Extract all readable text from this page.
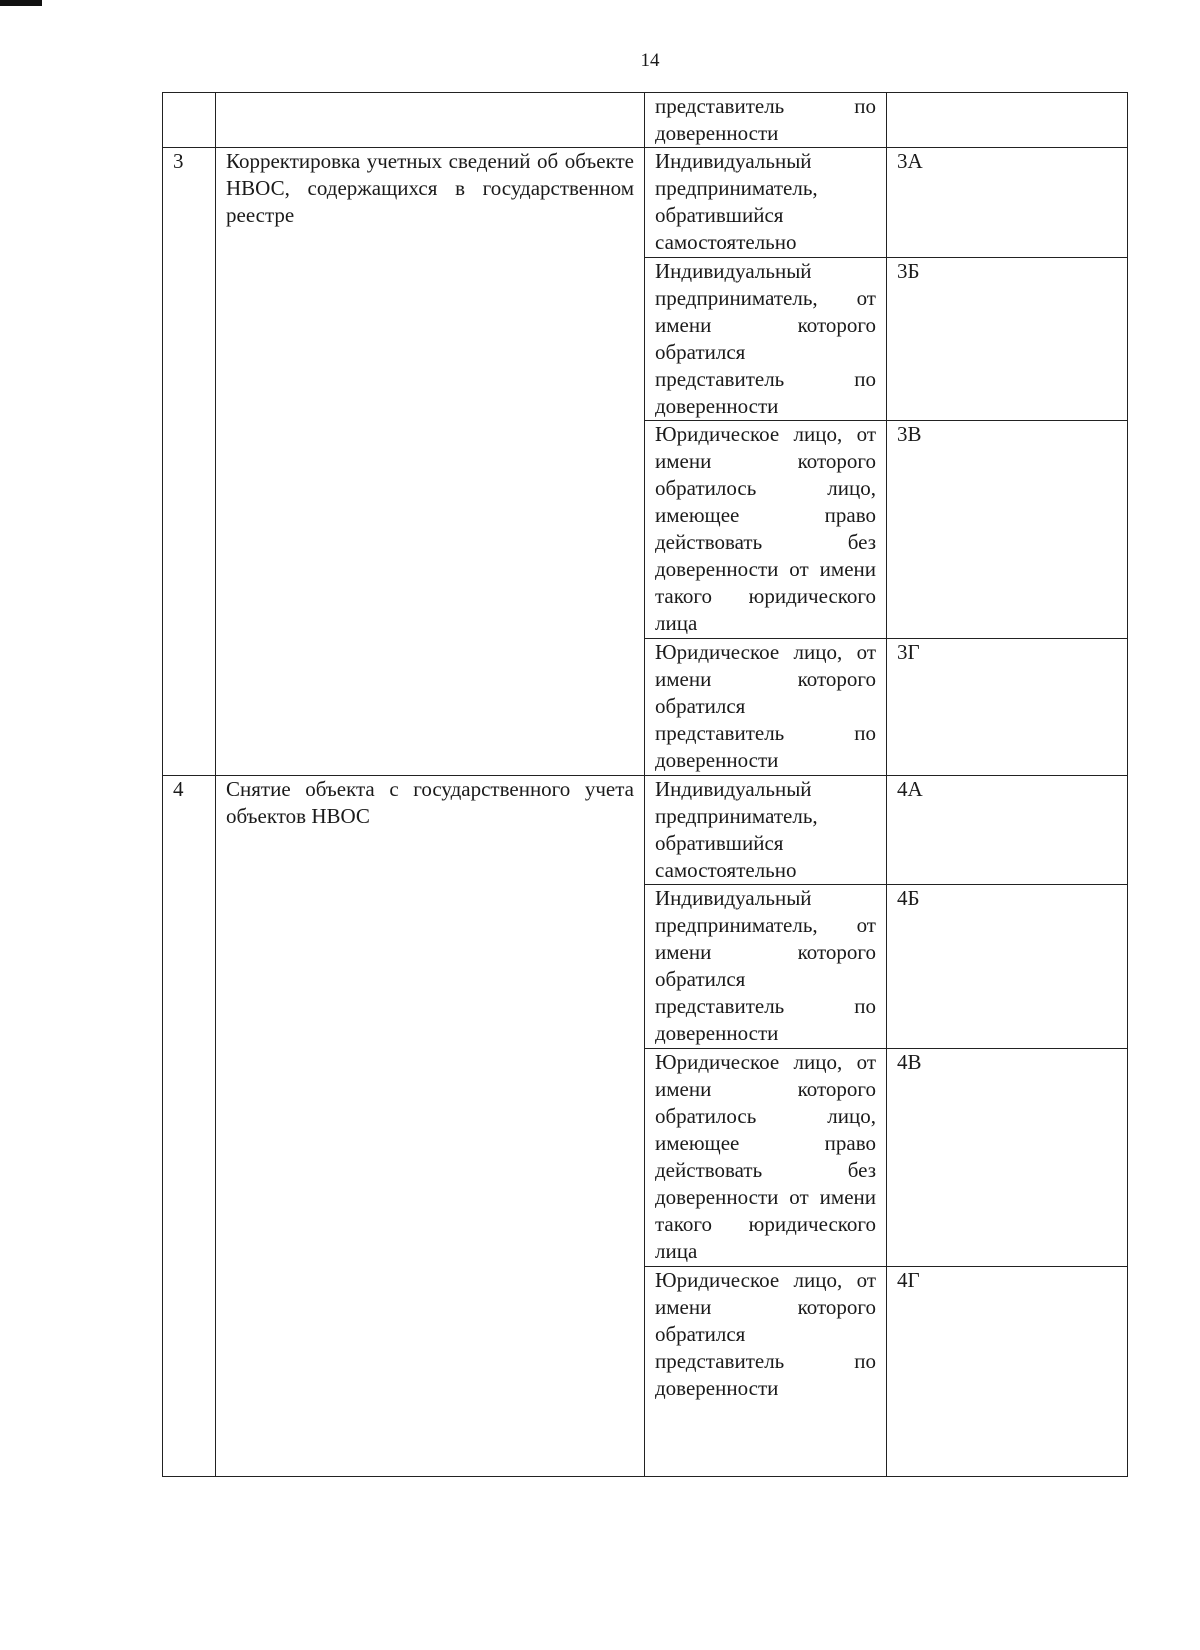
14
		представитель по доверенности	
3	Корректировка учетных сведений об объекте НВОС, содержащихся в государственном реестре	Индивидуальный предприниматель, обратившийся самостоятельно	3А
		Индивидуальный предприниматель, от имени которого обратился представитель по доверенности	3Б
		Юридическое лицо, от имени которого обратилось лицо, имеющее право действовать без доверенности от имени такого юридического лица	3В
		Юридическое лицо, от имени которого обратился представитель по доверенности	3Г
4	Снятие объекта с государственного учета объектов НВОС	Индивидуальный предприниматель, обратившийся самостоятельно	4А
		Индивидуальный предприниматель, от имени которого обратился представитель по доверенности	4Б
		Юридическое лицо, от имени которого обратилось лицо, имеющее право действовать без доверенности от имени такого юридического лица	4В
		Юридическое лицо, от имени которого обратился представитель по доверенности	4Г
